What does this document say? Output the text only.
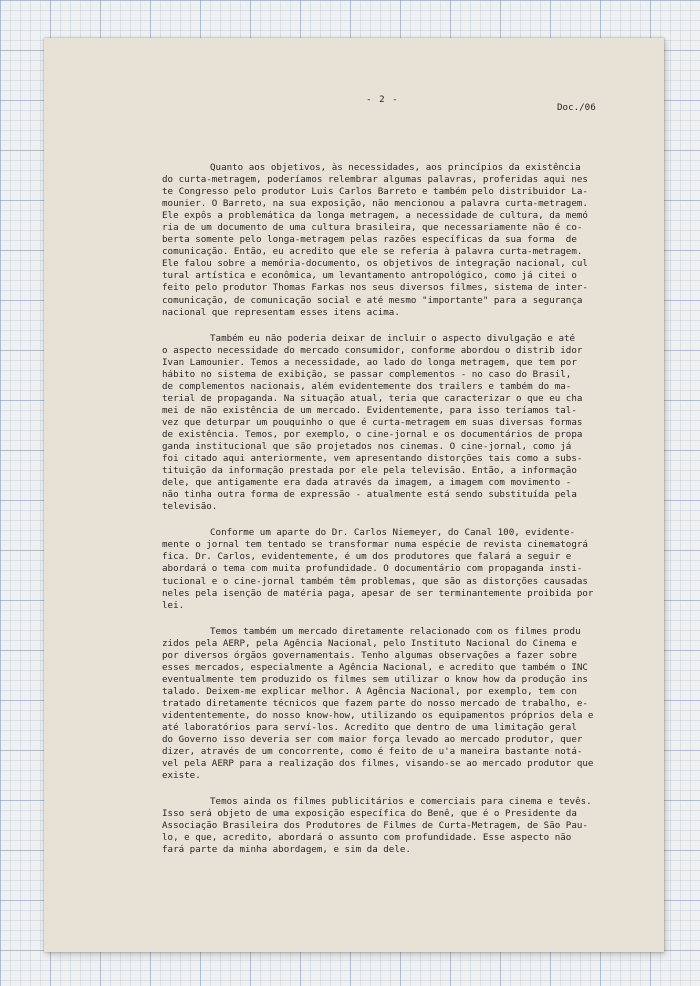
- 2 -
Doc./06
Quanto aos objetivos, às necessidades, aos princípios da existência
do curta-metragem, poderíamos relembrar algumas palavras, proferidas aqui nes
te Congresso pelo produtor Luis Carlos Barreto e também pelo distribuidor La-
mounier. O Barreto, na sua exposição, não mencionou a palavra curta-metragem.
Ele expôs a problemática da longa metragem, a necessidade de cultura, da memó
ria de um documento de uma cultura brasileira, que necessariamente não é co-
berta somente pelo longa-metragem pelas razões específicas da sua forma  de
comunicação. Então, eu acredito que ele se referia à palavra curta-metragem.
Ele falou sobre a memória-documento, os objetivos de integração nacional, cul
tural artística e econômica, um levantamento antropológico, como já citei o
feito pelo produtor Thomas Farkas nos seus diversos filmes, sistema de inter-
comunicação, de comunicação social e até mesmo "importante" para a segurança
nacional que representam esses itens acima.
Também eu não poderia deixar de incluir o aspecto divulgação e até
o aspecto necessidade do mercado consumidor, conforme abordou o distrib idor
Ivan Lamounier. Temos a necessidade, ao lado do longa metragem, que tem por
hábito no sistema de exibição, se passar complementos - no caso do Brasil,
de complementos nacionais, além evidentemente dos trailers e também do ma-
terial de propaganda. Na situação atual, teria que caracterizar o que eu cha
mei de não existência de um mercado. Evidentemente, para isso teríamos tal-
vez que deturpar um pouquinho o que é curta-metragem em suas diversas formas
de existência. Temos, por exemplo, o cine-jornal e os documentários de propa
ganda institucional que são projetados nos cinemas. O cine-jornal, como já
foi citado aqui anteriormente, vem apresentando distorções tais como a subs-
tituição da informação prestada por ele pela televisão. Então, a informação
dele, que antigamente era dada através da imagem, a imagem com movimento -
não tinha outra forma de expressão - atualmente está sendo substituída pela
televisão.
Conforme um aparte do Dr. Carlos Niemeyer, do Canal 100, evidente-
mente o jornal tem tentado se transformar numa espécie de revista cinematográ
fica. Dr. Carlos, evidentemente, é um dos produtores que falará a seguir e
abordará o tema com muita profundidade. O documentário com propaganda insti-
tucional e o cine-jornal também têm problemas, que são as distorções causadas
neles pela isenção de matéria paga, apesar de ser terminantemente proibida por
lei.
Temos também um mercado diretamente relacionado com os filmes produ
zidos pela AERP, pela Agência Nacional, pelo Instituto Nacional do Cinema e
por diversos órgãos governamentais. Tenho algumas observações a fazer sobre
esses mercados, especialmente a Agência Nacional, e acredito que também o INC
eventualmente tem produzido os filmes sem utilizar o know how da produção ins
talado. Deixem-me explicar melhor. A Agência Nacional, por exemplo, tem con
tratado diretamente técnicos que fazem parte do nosso mercado de trabalho, e-
vidententemente, do nosso know-how, utilizando os equipamentos próprios dela e
até laboratórios para serví-los. Acredito que dentro de uma limitação geral
do Governo isso deveria ser com maior força levado ao mercado produtor, quer
dizer, através de um concorrente, como é feito de u'a maneira bastante notá-
vel pela AERP para a realização dos filmes, visando-se ao mercado produtor que
existe.
Temos ainda os filmes publicitários e comerciais para cinema e tevês.
Isso será objeto de uma exposição específica do Benê, que é o Presidente da
Associação Brasileira dos Produtores de Filmes de Curta-Metragem, de São Pau-
lo, e que, acredito, abordará o assunto com profundidade. Esse aspecto não
fará parte da minha abordagem, e sim da dele.
